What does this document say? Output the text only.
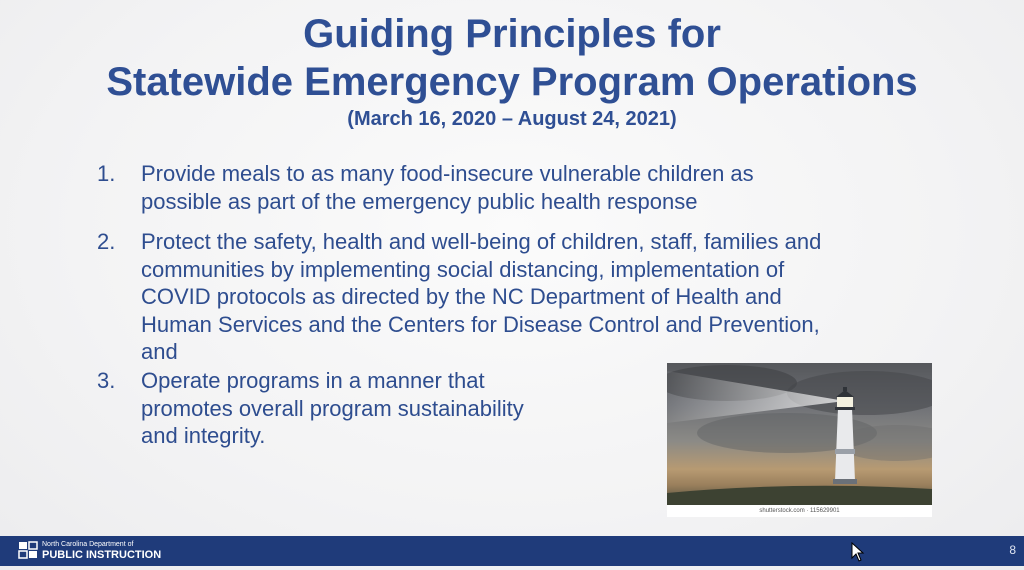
Guiding Principles for
Statewide Emergency Program Operations
(March 16, 2020 – August 24, 2021)
1. Provide meals to as many food-insecure vulnerable children as
possible as part of the emergency public health response
2. Protect the safety, health and well-being of children, staff, families and
communities by implementing social distancing, implementation of
COVID protocols as directed by the NC Department of Health and
Human Services and the Centers for Disease Control and Prevention,
and
3. Operate programs in a manner that
promotes overall program sustainability
and integrity.
shutterstock.com · 115629901
North Carolina Department of
PUBLIC INSTRUCTION	8
